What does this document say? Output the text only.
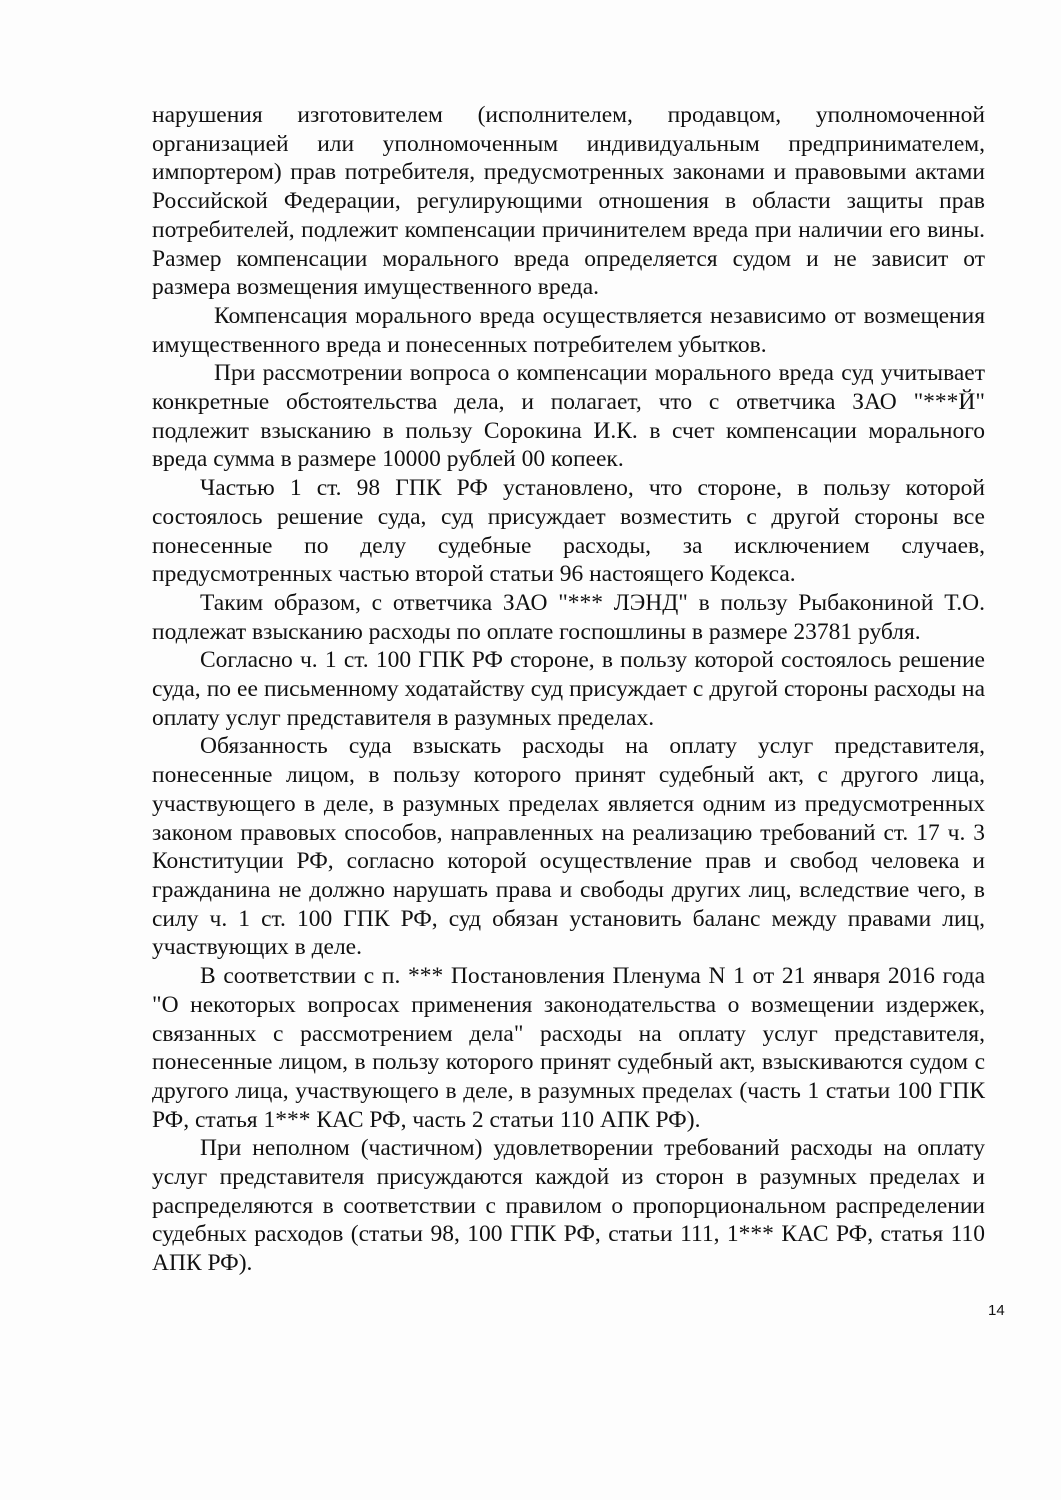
нарушения изготовителем (исполнителем, продавцом, уполномоченной организацией или уполномоченным индивидуальным предпринимателем, импортером) прав потребителя, предусмотренных законами и правовыми актами Российской Федерации, регулирующими отношения в области защиты прав потребителей, подлежит компенсации причинителем вреда при наличии его вины. Размер компенсации морального вреда определяется судом и не зависит от размера возмещения имущественного вреда.

Компенсация морального вреда осуществляется независимо от возмещения имущественного вреда и понесенных потребителем убытков.

При рассмотрении вопроса о компенсации морального вреда суд учитывает конкретные обстоятельства дела, и полагает, что с ответчика ЗАО "***Й" подлежит взысканию в пользу Сорокина И.К. в счет компенсации морального вреда сумма в размере 10000 рублей 00 копеек.

Частью 1 ст. 98 ГПК РФ установлено, что стороне, в пользу которой состоялось решение суда, суд присуждает возместить с другой стороны все понесенные по делу судебные расходы, за исключением случаев, предусмотренных частью второй статьи 96 настоящего Кодекса.

Таким образом, с ответчика ЗАО "*** ЛЭНД" в пользу Рыбаконинoй Т.О. подлежат взысканию расходы по оплате госпошлины в размере 23781 рубля.

Согласно ч. 1 ст. 100 ГПК РФ стороне, в пользу которой состоялось решение суда, по ее письменному ходатайству суд присуждает с другой стороны расходы на оплату услуг представителя в разумных пределах.

Обязанность суда взыскать расходы на оплату услуг представителя, понесенные лицом, в пользу которого принят судебный акт, с другого лица, участвующего в деле, в разумных пределах является одним из предусмотренных законом правовых способов, направленных на реализацию требований ст. 17 ч. 3 Конституции РФ, согласно которой осуществление прав и свобод человека и гражданина не должно нарушать права и свободы других лиц, вследствие чего, в силу ч. 1 ст. 100 ГПК РФ, суд обязан установить баланс между правами лиц, участвующих в деле.

В соответствии с п. *** Постановления Пленума N 1 от 21 января 2016 года "О некоторых вопросах применения законодательства о возмещении издержек, связанных с рассмотрением дела" расходы на оплату услуг представителя, понесенные лицом, в пользу которого принят судебный акт, взыскиваются судом с другого лица, участвующего в деле, в разумных пределах (часть 1 статьи 100 ГПК РФ, статья 1*** КАС РФ, часть 2 статьи 110 АПК РФ).

При неполном (частичном) удовлетворении требований расходы на оплату услуг представителя присуждаются каждой из сторон в разумных пределах и распределяются в соответствии с правилом о пропорциональном распределении судебных расходов (статьи 98, 100 ГПК РФ, статьи 111, 1*** КАС РФ, статья 110 АПК РФ).

14
